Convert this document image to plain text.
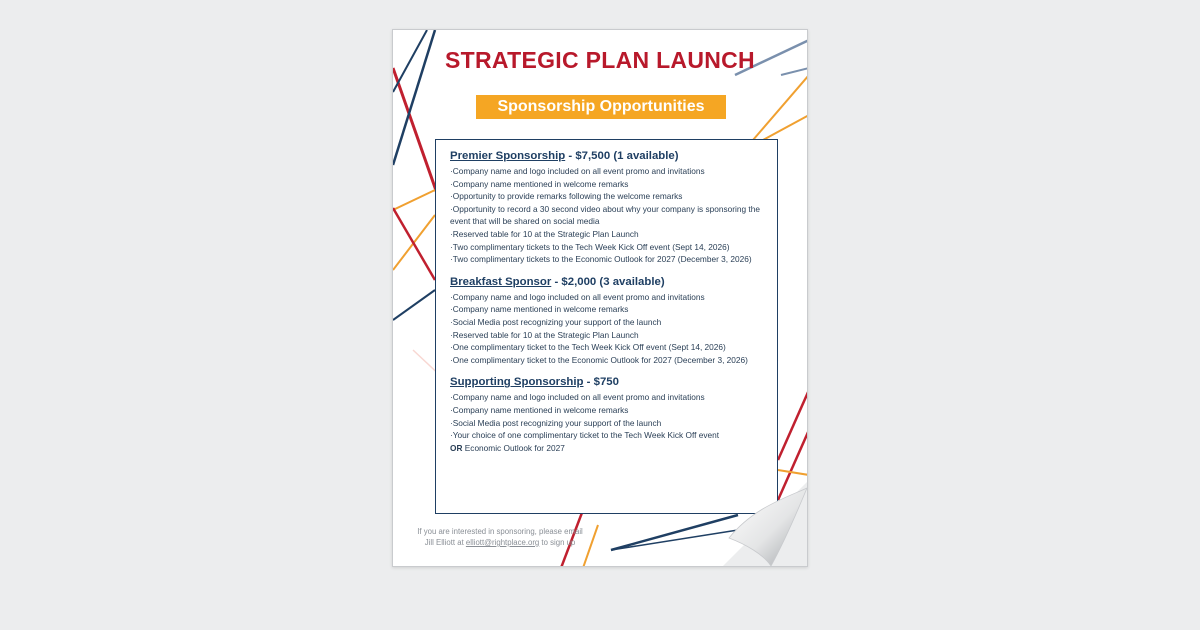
STRATEGIC PLAN LAUNCH
Sponsorship Opportunities
Premier Sponsorship - $7,500 (1 available)
· Company name and logo included on all event promo and invitations
· Company name mentioned in welcome remarks
· Opportunity to provide remarks following the welcome remarks
· Opportunity to record a 30 second video about why your company is sponsoring the event that will be shared on social media
· Reserved table for 10 at the Strategic Plan Launch
· Two complimentary tickets to the Tech Week Kick Off event (Sept 14, 2026)
· Two complimentary tickets to the Economic Outlook for 2027 (December 3, 2026)
Breakfast Sponsor - $2,000 (3 available)
· Company name and logo included on all event promo and invitations
· Company name mentioned in welcome remarks
· Social Media post recognizing your support of the launch
· Reserved table for 10 at the Strategic Plan Launch
· One complimentary ticket to the Tech Week Kick Off event (Sept 14, 2026)
· One complimentary ticket to the Economic Outlook for 2027 (December 3, 2026)
Supporting Sponsorship - $750
· Company name and logo included on all event promo and invitations
· Company name mentioned in welcome remarks
· Social Media post recognizing your support of the launch
· Your choice of one complimentary ticket to the Tech Week Kick Off event
OR Economic Outlook for 2027
If you are interested in sponsoring, please email
Jill Elliott at elliott@rightplace.org to sign up
